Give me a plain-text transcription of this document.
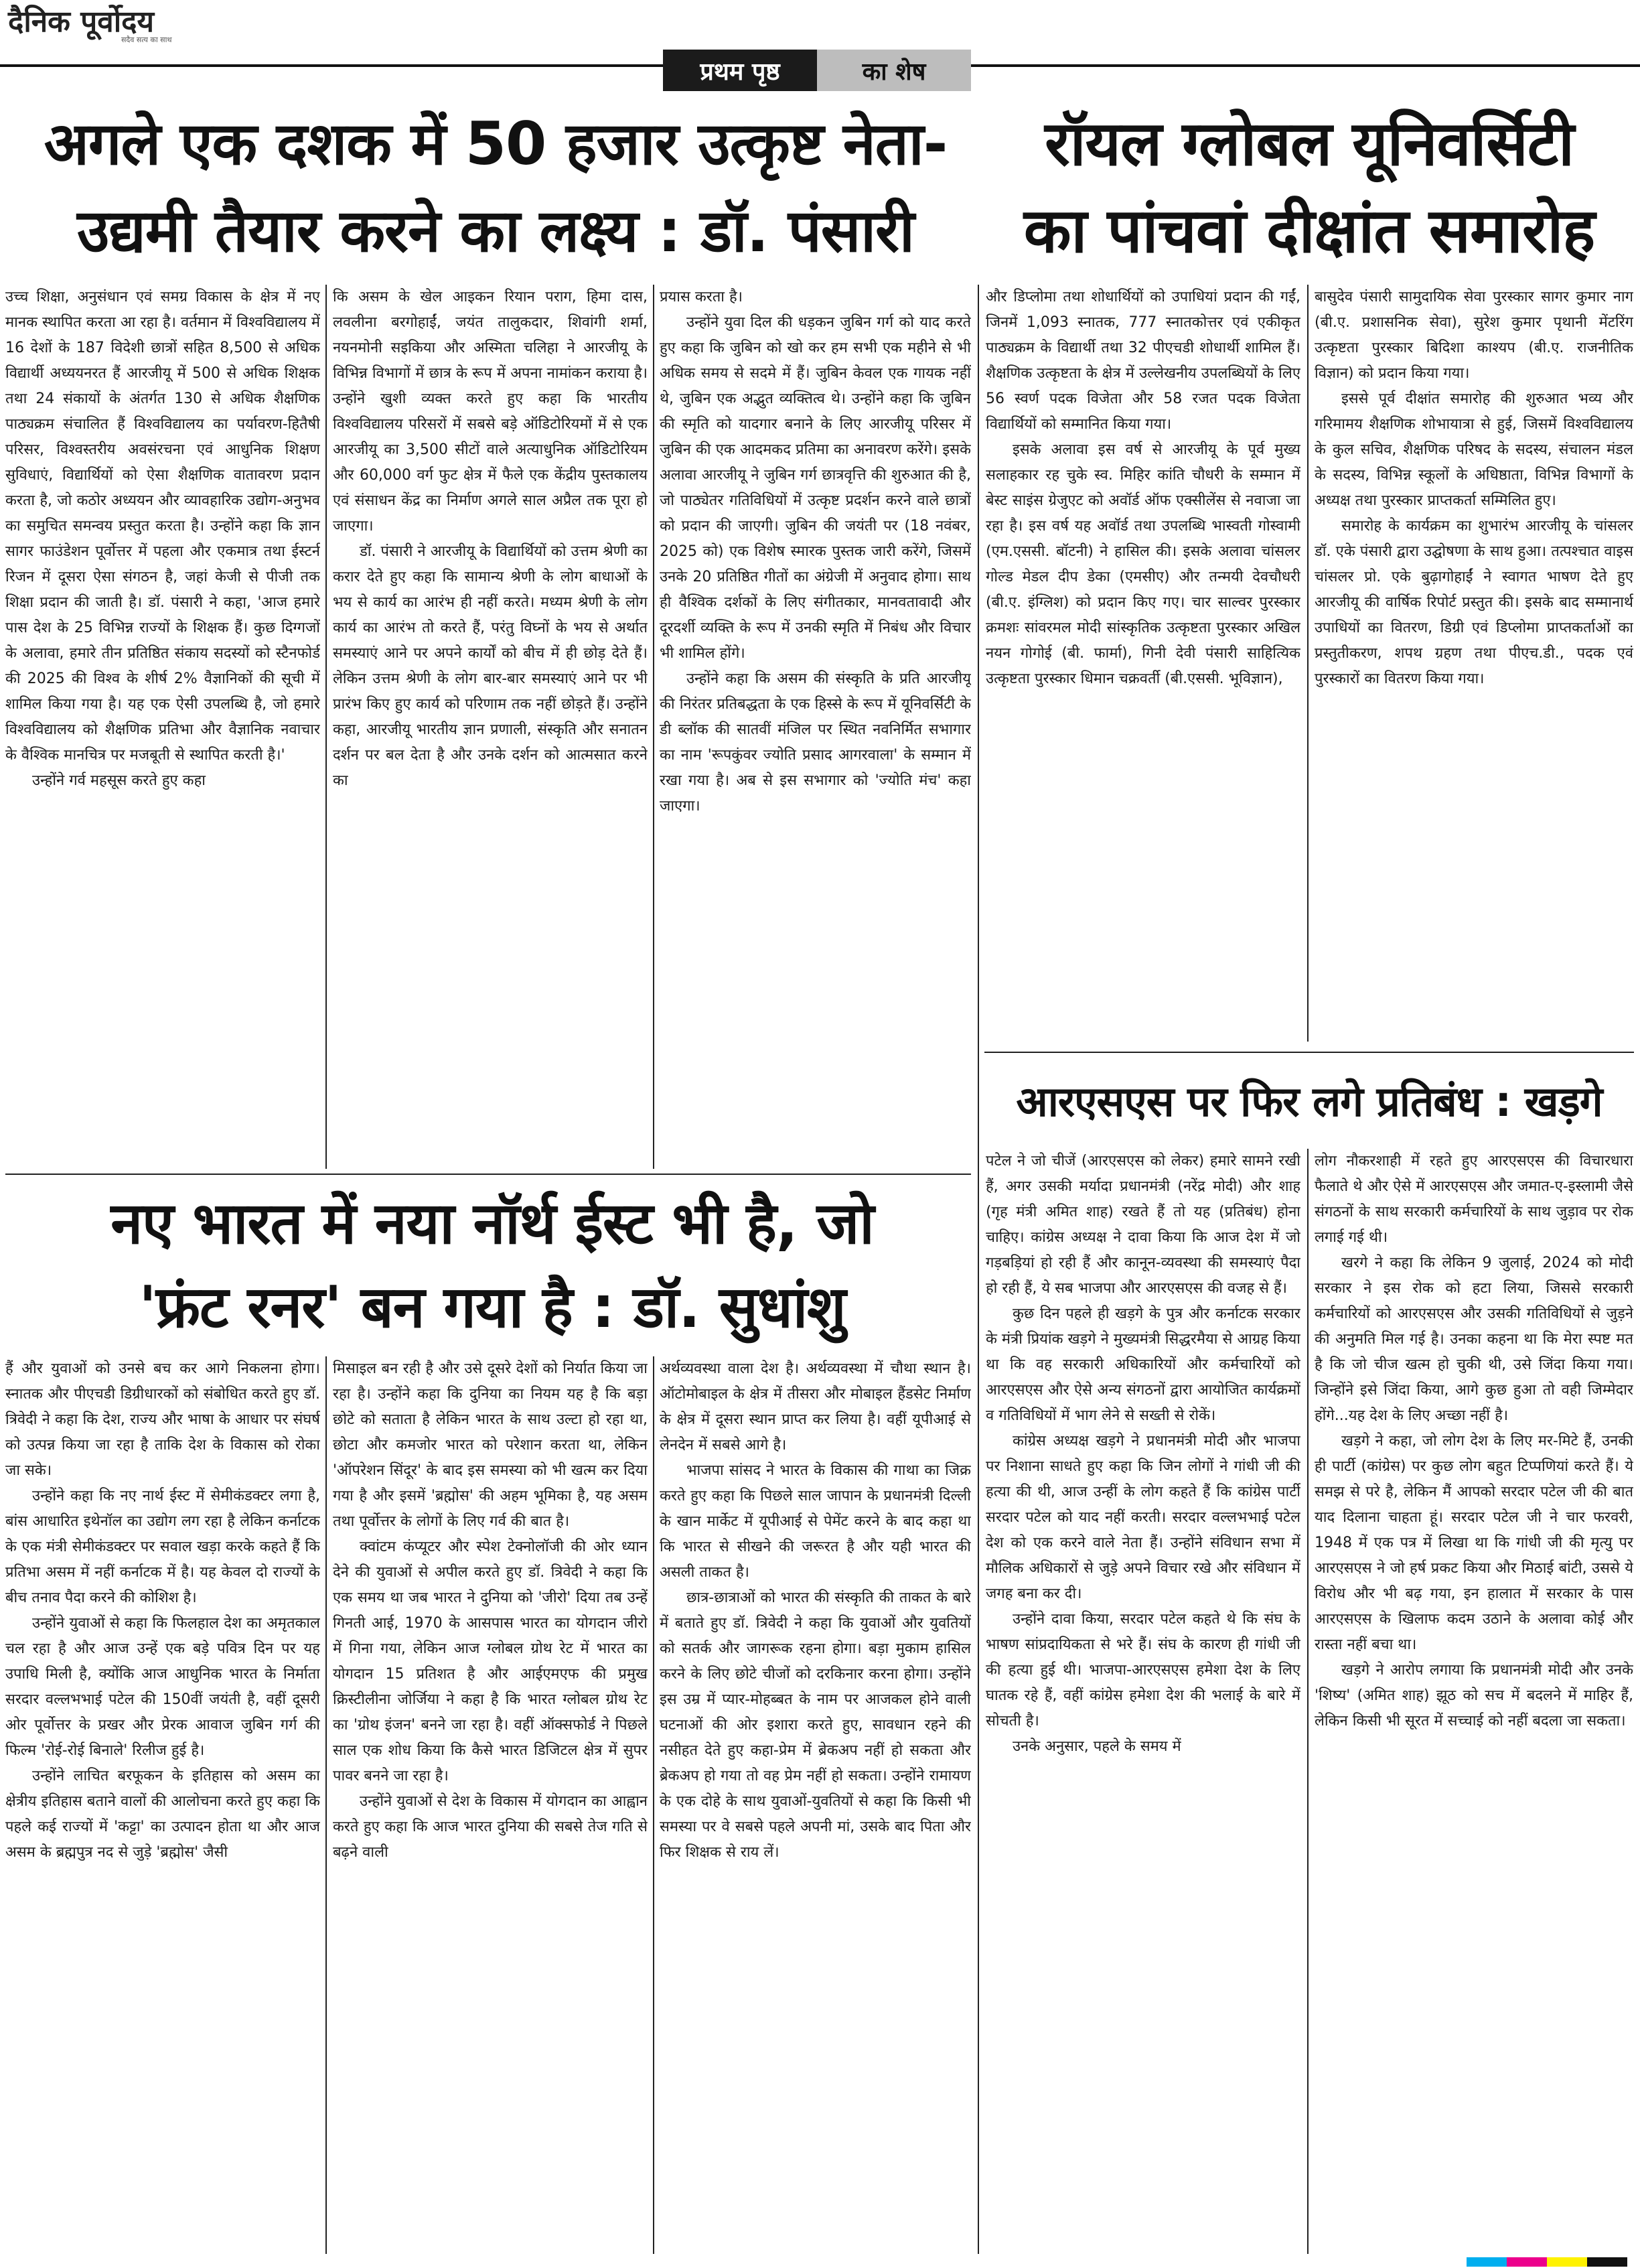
दैनिक पूर्वोदय
सदैव सत्य का साथ
प्रथम पृष्ठ	का शेष
अगले एक दशक में 50 हजार उत्कृष्ट नेता-
उद्यमी तैयार करने का लक्ष्य : डॉ. पंसारी
रॉयल ग्लोबल यूनिवर्सिटी
का पांचवां दीक्षांत समारोह

उच्च शिक्षा, अनुसंधान एवं समग्र विकास के क्षेत्र में नए मानक स्थापित करता आ रहा है। वर्तमान में विश्वविद्यालय में 16 देशों के 187 विदेशी छात्रों सहित 8,500 से अधिक विद्यार्थी अध्ययनरत हैं आरजीयू में 500 से अधिक शिक्षक तथा 24 संकायों के अंतर्गत 130 से अधिक शैक्षणिक पाठ्यक्रम संचालित हैं विश्वविद्यालय का पर्यावरण-हितैषी परिसर, विश्वस्तरीय अवसंरचना एवं आधुनिक शिक्षण सुविधाएं, विद्यार्थियों को ऐसा शैक्षणिक वातावरण प्रदान करता है, जो कठोर अध्ययन और व्यावहारिक उद्योग-अनुभव का समुचित समन्वय प्रस्तुत करता है। उन्होंने कहा कि ज्ञान सागर फाउंडेशन पूर्वोत्तर में पहला और एकमात्र तथा ईस्टर्न रिजन में दूसरा ऐसा संगठन है, जहां केजी से पीजी तक शिक्षा प्रदान की जाती है। डॉ. पंसारी ने कहा, 'आज हमारे पास देश के 25 विभिन्न राज्यों के शिक्षक हैं। कुछ दिग्गजों के अलावा, हमारे तीन प्रतिष्ठित संकाय सदस्यों को स्टैनफोर्ड की 2025 की विश्व के शीर्ष 2% वैज्ञानिकों की सूची में शामिल किया गया है। यह एक ऐसी उपलब्धि है, जो हमारे विश्वविद्यालय को शैक्षणिक प्रतिभा और वैज्ञानिक नवाचार के वैश्विक मानचित्र पर मजबूती से स्थापित करती है।'

उन्होंने गर्व महसूस करते हुए कहा

कि असम के खेल आइकन रियान पराग, हिमा दास, लवलीना बरगोहाईं, जयंत तालुकदार, शिवांगी शर्मा, नयनमोनी सइकिया और अस्मिता चलिहा ने आरजीयू के विभिन्न विभागों में छात्र के रूप में अपना नामांकन कराया है। उन्होंने खुशी व्यक्त करते हुए कहा कि भारतीय विश्वविद्यालय परिसरों में सबसे बड़े ऑडिटोरियमों में से एक आरजीयू का 3,500 सीटों वाले अत्याधुनिक ऑडिटोरियम और 60,000 वर्ग फुट क्षेत्र में फैले एक केंद्रीय पुस्तकालय एवं संसाधन केंद्र का निर्माण अगले साल अप्रैल तक पूरा हो जाएगा।

डॉ. पंसारी ने आरजीयू के विद्यार्थियों को उत्तम श्रेणी का करार देते हुए कहा कि सामान्य श्रेणी के लोग बाधाओं के भय से कार्य का आरंभ ही नहीं करते। मध्यम श्रेणी के लोग कार्य का आरंभ तो करते हैं, परंतु विघ्नों के भय से अर्थात समस्याएं आने पर अपने कार्यों को बीच में ही छोड़ देते हैं। लेकिन उत्तम श्रेणी के लोग बार-बार समस्याएं आने पर भी प्रारंभ किए हुए कार्य को परिणाम तक नहीं छोड़ते हैं। उन्होंने कहा, आरजीयू भारतीय ज्ञान प्रणाली, संस्कृति और सनातन दर्शन पर बल देता है और उनके दर्शन को आत्मसात करने का

प्रयास करता है।

उन्होंने युवा दिल की धड़कन जुबिन गर्ग को याद करते हुए कहा कि जुबिन को खो कर हम सभी एक महीने से भी अधिक समय से सदमे में हैं। जुबिन केवल एक गायक नहीं थे, जुबिन एक अद्भुत व्यक्तित्व थे। उन्होंने कहा कि जुबिन की स्मृति को यादगार बनाने के लिए आरजीयू परिसर में जुबिन की एक आदमकद प्रतिमा का अनावरण करेंगे। इसके अलावा आरजीयू ने जुबिन गर्ग छात्रवृत्ति की शुरुआत की है, जो पाठ्येतर गतिविधियों में उत्कृष्ट प्रदर्शन करने वाले छात्रों को प्रदान की जाएगी। जुबिन की जयंती पर (18 नवंबर, 2025 को) एक विशेष स्मारक पुस्तक जारी करेंगे, जिसमें उनके 20 प्रतिष्ठित गीतों का अंग्रेजी में अनुवाद होगा। साथ ही वैश्विक दर्शकों के लिए संगीतकार, मानवतावादी और दूरदर्शी व्यक्ति के रूप में उनकी स्मृति में निबंध और विचार भी शामिल होंगे।

उन्होंने कहा कि असम की संस्कृति के प्रति आरजीयू की निरंतर प्रतिबद्धता के एक हिस्से के रूप में यूनिवर्सिटी के डी ब्लॉक की सातवीं मंजिल पर स्थित नवनिर्मित सभागार का नाम 'रूपकुंवर ज्योति प्रसाद आगरवाला' के सम्मान में रखा गया है। अब से इस सभागार को 'ज्योति मंच' कहा जाएगा।

और डिप्लोमा तथा शोधार्थियों को उपाधियां प्रदान की गईं, जिनमें 1,093 स्नातक, 777 स्नातकोत्तर एवं एकीकृत पाठ्यक्रम के विद्यार्थी तथा 32 पीएचडी शोधार्थी शामिल हैं। शैक्षणिक उत्कृष्टता के क्षेत्र में उल्लेखनीय उपलब्धियों के लिए 56 स्वर्ण पदक विजेता और 58 रजत पदक विजेता विद्यार्थियों को सम्मानित किया गया।

इसके अलावा इस वर्ष से आरजीयू के पूर्व मुख्य सलाहकार रह चुके स्व. मिहिर कांति चौधरी के सम्मान में बेस्ट साइंस ग्रेजुएट को अवॉर्ड ऑफ एक्सीलेंस से नवाजा जा रहा है। इस वर्ष यह अवॉर्ड तथा उपलब्धि भास्वती गोस्वामी (एम.एससी. बॉटनी) ने हासिल की। इसके अलावा चांसलर गोल्ड मेडल दीप डेका (एमसीए) और तन्मयी देवचौधरी (बी.ए. इंग्लिश) को प्रदान किए गए। चार साल्वर पुरस्कार क्रमशः सांवरमल मोदी सांस्कृतिक उत्कृष्टता पुरस्कार अखिल नयन गोगोई (बी. फार्मा), गिनी देवी पंसारी साहित्यिक उत्कृष्टता पुरस्कार धिमान चक्रवर्ती (बी.एससी. भूविज्ञान),

बासुदेव पंसारी सामुदायिक सेवा पुरस्कार सागर कुमार नाग (बी.ए. प्रशासनिक सेवा), सुरेश कुमार पृथानी मेंटरिंग उत्कृष्टता पुरस्कार बिदिशा काश्यप (बी.ए. राजनीतिक विज्ञान) को प्रदान किया गया।

इससे पूर्व दीक्षांत समारोह की शुरुआत भव्य और गरिमामय शैक्षणिक शोभायात्रा से हुई, जिसमें विश्वविद्यालय के कुल सचिव, शैक्षणिक परिषद के सदस्य, संचालन मंडल के सदस्य, विभिन्न स्कूलों के अधिष्ठाता, विभिन्न विभागों के अध्यक्ष तथा पुरस्कार प्राप्तकर्ता सम्मिलित हुए।

समारोह के कार्यक्रम का शुभारंभ आरजीयू के चांसलर डॉ. एके पंसारी द्वारा उद्घोषणा के साथ हुआ। तत्पश्चात वाइस चांसलर प्रो. एके बुढ़ागोहाईं ने स्वागत भाषण देते हुए आरजीयू की वार्षिक रिपोर्ट प्रस्तुत की। इसके बाद सम्मानार्थ उपाधियों का वितरण, डिग्री एवं डिप्लोमा प्राप्तकर्ताओं का प्रस्तुतीकरण, शपथ ग्रहण तथा पीएच.डी., पदक एवं पुरस्कारों का वितरण किया गया।

आरएसएस पर फिर लगे प्रतिबंध : खड़गे

पटेल ने जो चीजें (आरएसएस को लेकर) हमारे सामने रखी हैं, अगर उसकी मर्यादा प्रधानमंत्री (नरेंद्र मोदी) और शाह (गृह मंत्री अमित शाह) रखते हैं तो यह (प्रतिबंध) होना चाहिए। कांग्रेस अध्यक्ष ने दावा किया कि आज देश में जो गड़बड़ियां हो रही हैं और कानून-व्यवस्था की समस्याएं पैदा हो रही हैं, ये सब भाजपा और आरएसएस की वजह से हैं।

कुछ दिन पहले ही खड़गे के पुत्र और कर्नाटक सरकार के मंत्री प्रियांक खड़गे ने मुख्यमंत्री सिद्धरमैया से आग्रह किया था कि वह सरकारी अधिकारियों और कर्मचारियों को आरएसएस और ऐसे अन्य संगठनों द्वारा आयोजित कार्यक्रमों व गतिविधियों में भाग लेने से सख्ती से रोकें।

कांग्रेस अध्यक्ष खड़गे ने प्रधानमंत्री मोदी और भाजपा पर निशाना साधते हुए कहा कि जिन लोगों ने गांधी जी की हत्या की थी, आज उन्हीं के लोग कहते हैं कि कांग्रेस पार्टी सरदार पटेल को याद नहीं करती। सरदार वल्लभभाई पटेल देश को एक करने वाले नेता हैं। उन्होंने संविधान सभा में मौलिक अधिकारों से जुड़े अपने विचार रखे और संविधान में जगह बना कर दी।

उन्होंने दावा किया, सरदार पटेल कहते थे कि संघ के भाषण सांप्रदायिकता से भरे हैं। संघ के कारण ही गांधी जी की हत्या हुई थी। भाजपा-आरएसएस हमेशा देश के लिए घातक रहे हैं, वहीं कांग्रेस हमेशा देश की भलाई के बारे में सोचती है।

उनके अनुसार, पहले के समय में

लोग नौकरशाही में रहते हुए आरएसएस की विचारधारा फैलाते थे और ऐसे में आरएसएस और जमात-ए-इस्लामी जैसे संगठनों के साथ सरकारी कर्मचारियों के साथ जुड़ाव पर रोक लगाई गई थी।

खरगे ने कहा कि लेकिन 9 जुलाई, 2024 को मोदी सरकार ने इस रोक को हटा लिया, जिससे सरकारी कर्मचारियों को आरएसएस और उसकी गतिविधियों से जुड़ने की अनुमति मिल गई है। उनका कहना था कि मेरा स्पष्ट मत है कि जो चीज खत्म हो चुकी थी, उसे जिंदा किया गया। जिन्होंने इसे जिंदा किया, आगे कुछ हुआ तो वही जिम्मेदार होंगे...यह देश के लिए अच्छा नहीं है।

खड़गे ने कहा, जो लोग देश के लिए मर-मिटे हैं, उनकी ही पार्टी (कांग्रेस) पर कुछ लोग बहुत टिप्पणियां करते हैं। ये समझ से परे है, लेकिन मैं आपको सरदार पटेल जी की बात याद दिलाना चाहता हूं। सरदार पटेल जी ने चार फरवरी, 1948 में एक पत्र में लिखा था कि गांधी जी की मृत्यु पर आरएसएस ने जो हर्ष प्रकट किया और मिठाई बांटी, उससे ये विरोध और भी बढ़ गया, इन हालात में सरकार के पास आरएसएस के खिलाफ कदम उठाने के अलावा कोई और रास्ता नहीं बचा था।

खड़गे ने आरोप लगाया कि प्रधानमंत्री मोदी और उनके 'शिष्य' (अमित शाह) झूठ को सच में बदलने में माहिर हैं, लेकिन किसी भी सूरत में सच्चाई को नहीं बदला जा सकता।

नए भारत में नया नॉर्थ ईस्ट भी है, जो
'फ्रंट रनर' बन गया है : डॉ. सुधांशु

हैं और युवाओं को उनसे बच कर आगे निकलना होगा। स्नातक और पीएचडी डिग्रीधारकों को संबोधित करते हुए डॉ. त्रिवेदी ने कहा कि देश, राज्य और भाषा के आधार पर संघर्ष को उत्पन्न किया जा रहा है ताकि देश के विकास को रोका जा सके।

उन्होंने कहा कि नए नार्थ ईस्ट में सेमीकंडक्टर लगा है, बांस आधारित इथेनॉल का उद्योग लग रहा है लेकिन कर्नाटक के एक मंत्री सेमीकंडक्टर पर सवाल खड़ा करके कहते हैं कि प्रतिभा असम में नहीं कर्नाटक में है। यह केवल दो राज्यों के बीच तनाव पैदा करने की कोशिश है।

उन्होंने युवाओं से कहा कि फिलहाल देश का अमृतकाल चल रहा है और आज उन्हें एक बड़े पवित्र दिन पर यह उपाधि मिली है, क्योंकि आज आधुनिक भारत के निर्माता सरदार वल्लभभाई पटेल की 150वीं जयंती है, वहीं दूसरी ओर पूर्वोत्तर के प्रखर और प्रेरक आवाज जुबिन गर्ग की फिल्म 'रोई-रोई बिनाले' रिलीज हुई है।

उन्होंने लाचित बरफूकन के इतिहास को असम का क्षेत्रीय इतिहास बताने वालों की आलोचना करते हुए कहा कि पहले कई राज्यों में 'कट्टा' का उत्पादन होता था और आज असम के ब्रह्मपुत्र नद से जुड़े 'ब्रह्मोस' जैसी

मिसाइल बन रही है और उसे दूसरे देशों को निर्यात किया जा रहा है। उन्होंने कहा कि दुनिया का नियम यह है कि बड़ा छोटे को सताता है लेकिन भारत के साथ उल्टा हो रहा था, छोटा और कमजोर भारत को परेशान करता था, लेकिन 'ऑपरेशन सिंदूर' के बाद इस समस्या को भी खत्म कर दिया गया है और इसमें 'ब्रह्मोस' की अहम भूमिका है, यह असम तथा पूर्वोत्तर के लोगों के लिए गर्व की बात है।

क्वांटम कंप्यूटर और स्पेश टेक्नोलॉजी की ओर ध्यान देने की युवाओं से अपील करते हुए डॉ. त्रिवेदी ने कहा कि एक समय था जब भारत ने दुनिया को 'जीरो' दिया तब उन्हें गिनती आई, 1970 के आसपास भारत का योगदान जीरो में गिना गया, लेकिन आज ग्लोबल ग्रोथ रेट में भारत का योगदान 15 प्रतिशत है और आईएमएफ की प्रमुख क्रिस्टीलीना जोर्जिया ने कहा है कि भारत ग्लोबल ग्रोथ रेट का 'ग्रोथ इंजन' बनने जा रहा है। वहीं ऑक्सफोर्ड ने पिछले साल एक शोध किया कि कैसे भारत डिजिटल क्षेत्र में सुपर पावर बनने जा रहा है।

उन्होंने युवाओं से देश के विकास में योगदान का आह्वान करते हुए कहा कि आज भारत दुनिया की सबसे तेज गति से बढ़ने वाली

अर्थव्यवस्था वाला देश है। अर्थव्यवस्था में चौथा स्थान है। ऑटोमोबाइल के क्षेत्र में तीसरा और मोबाइल हैंडसेट निर्माण के क्षेत्र में दूसरा स्थान प्राप्त कर लिया है। वहीं यूपीआई से लेनदेन में सबसे आगे है।

भाजपा सांसद ने भारत के विकास की गाथा का जिक्र करते हुए कहा कि पिछले साल जापान के प्रधानमंत्री दिल्ली के खान मार्केट में यूपीआई से पेमेंट करने के बाद कहा था कि भारत से सीखने की जरूरत है और यही भारत की असली ताकत है।

छात्र-छात्राओं को भारत की संस्कृति की ताकत के बारे में बताते हुए डॉ. त्रिवेदी ने कहा कि युवाओं और युवतियों को सतर्क और जागरूक रहना होगा। बड़ा मुकाम हासिल करने के लिए छोटे चीजों को दरकिनार करना होगा। उन्होंने इस उम्र में प्यार-मोहब्बत के नाम पर आजकल होने वाली घटनाओं की ओर इशारा करते हुए, सावधान रहने की नसीहत देते हुए कहा-प्रेम में ब्रेकअप नहीं हो सकता और ब्रेकअप हो गया तो वह प्रेम नहीं हो सकता। उन्होंने रामायण के एक दोहे के साथ युवाओं-युवतियों से कहा कि किसी भी समस्या पर वे सबसे पहले अपनी मां, उसके बाद पिता और फिर शिक्षक से राय लें।
